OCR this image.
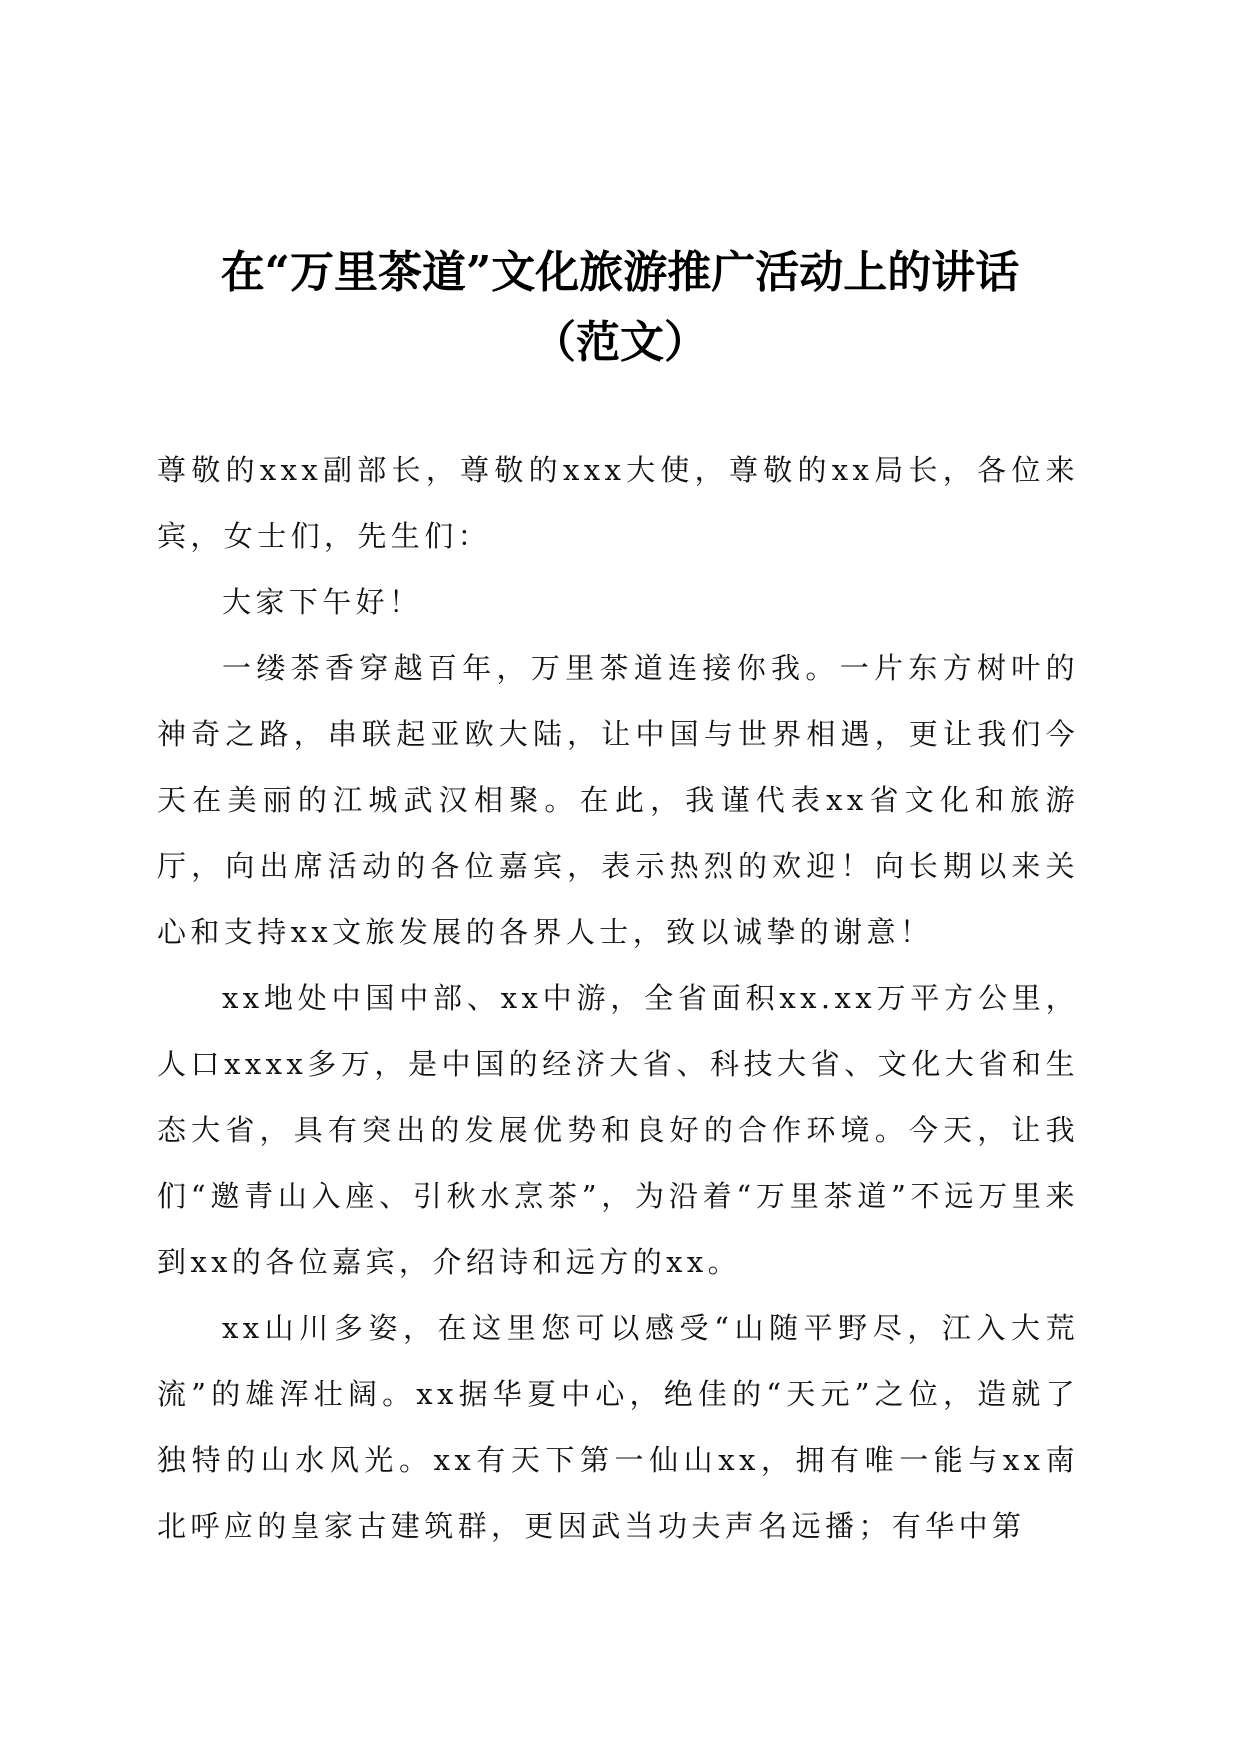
在“万里茶道”文化旅游推广活动上的讲话
（范文）

尊敬的xxx副部长，尊敬的xxx大使，尊敬的xx局长，各位来宾，女士们，先生们：

大家下午好！

一缕茶香穿越百年，万里茶道连接你我。一片东方树叶的神奇之路，串联起亚欧大陆，让中国与世界相遇，更让我们今天在美丽的江城武汉相聚。在此，我谨代表xx省文化和旅游厅，向出席活动的各位嘉宾，表示热烈的欢迎！向长期以来关心和支持xx文旅发展的各界人士，致以诚挚的谢意！

xx地处中国中部、xx中游，全省面积xx.xx万平方公里，人口xxxx多万，是中国的经济大省、科技大省、文化大省和生态大省，具有突出的发展优势和良好的合作环境。今天，让我们“邀青山入座、引秋水烹茶”，为沿着“万里茶道”不远万里来到xx的各位嘉宾，介绍诗和远方的xx。

xx山川多姿，在这里您可以感受“山随平野尽，江入大荒流”的雄浑壮阔。xx据华夏中心，绝佳的“天元”之位，造就了独特的山水风光。xx有天下第一仙山xx，拥有唯一能与xx南北呼应的皇家古建筑群，更因武当功夫声名远播；有华中第
